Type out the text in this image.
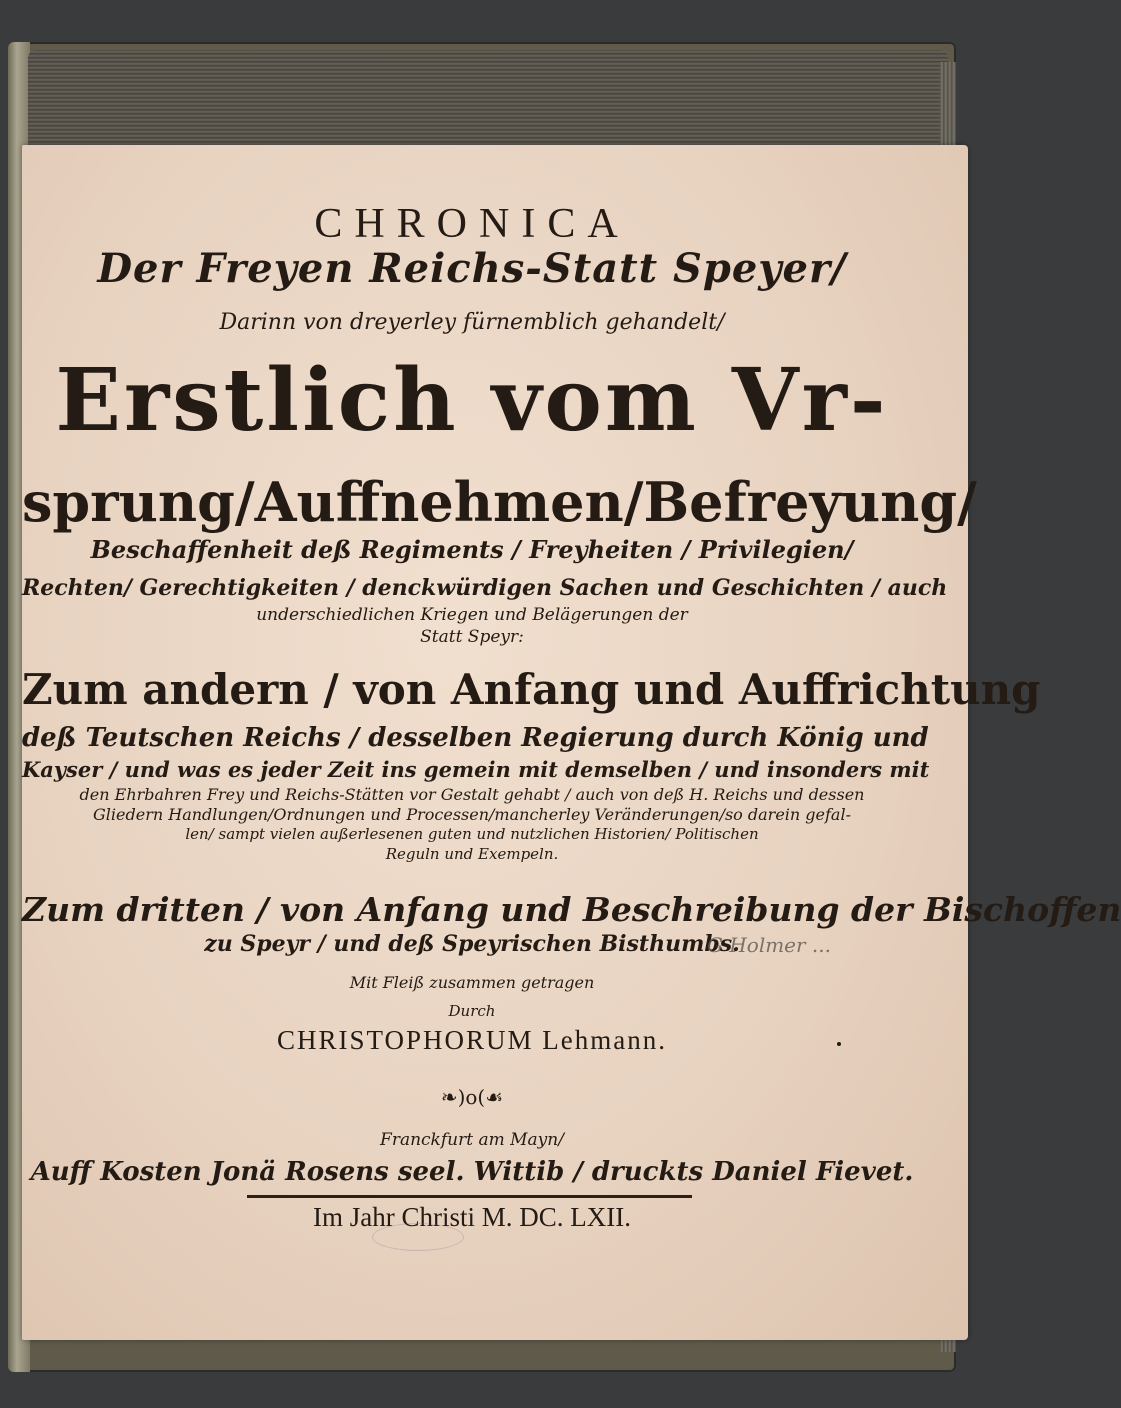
CHRONICA
Der Freyen Reichs-Statt Speyer/
Darinn von dreyerley fürnemblich gehandelt/
Erstlich vom Vr-
sprung/Auffnehmen/Befreyung/
Beschaffenheit deß Regiments / Freyheiten / Privilegien/
Rechten/ Gerechtigkeiten / denckwürdigen Sachen und Geschichten / auch
underschiedlichen Kriegen und Belägerungen der
Statt Speyr:
Zum andern / von Anfang und Auffrichtung
deß Teutschen Reichs / desselben Regierung durch König und
Kayser / und was es jeder Zeit ins gemein mit demselben / und insonders mit
den Ehrbahren Frey und Reichs-Stätten vor Gestalt gehabt / auch von deß H. Reichs und dessen
Gliedern Handlungen/Ordnungen und Processen/mancherley Veränderungen/so darein gefal-
len/ sampt vielen außerlesenen guten und nutzlichen Historien/ Politischen
Reguln und Exempeln.
Zum dritten / von Anfang und Beschreibung der Bischoffen
zu Speyr / und deß Speyrischen Bisthumbs.
G Holmer ...
Mit Fleiß zusammen getragen
Durch
CHRISTOPHORUM Lehmann.
❧)o(☙
Franckfurt am Mayn/
Auff Kosten Jonä Rosens seel. Wittib / druckts Daniel Fievet.
Im Jahr Christi M. DC. LXII.
